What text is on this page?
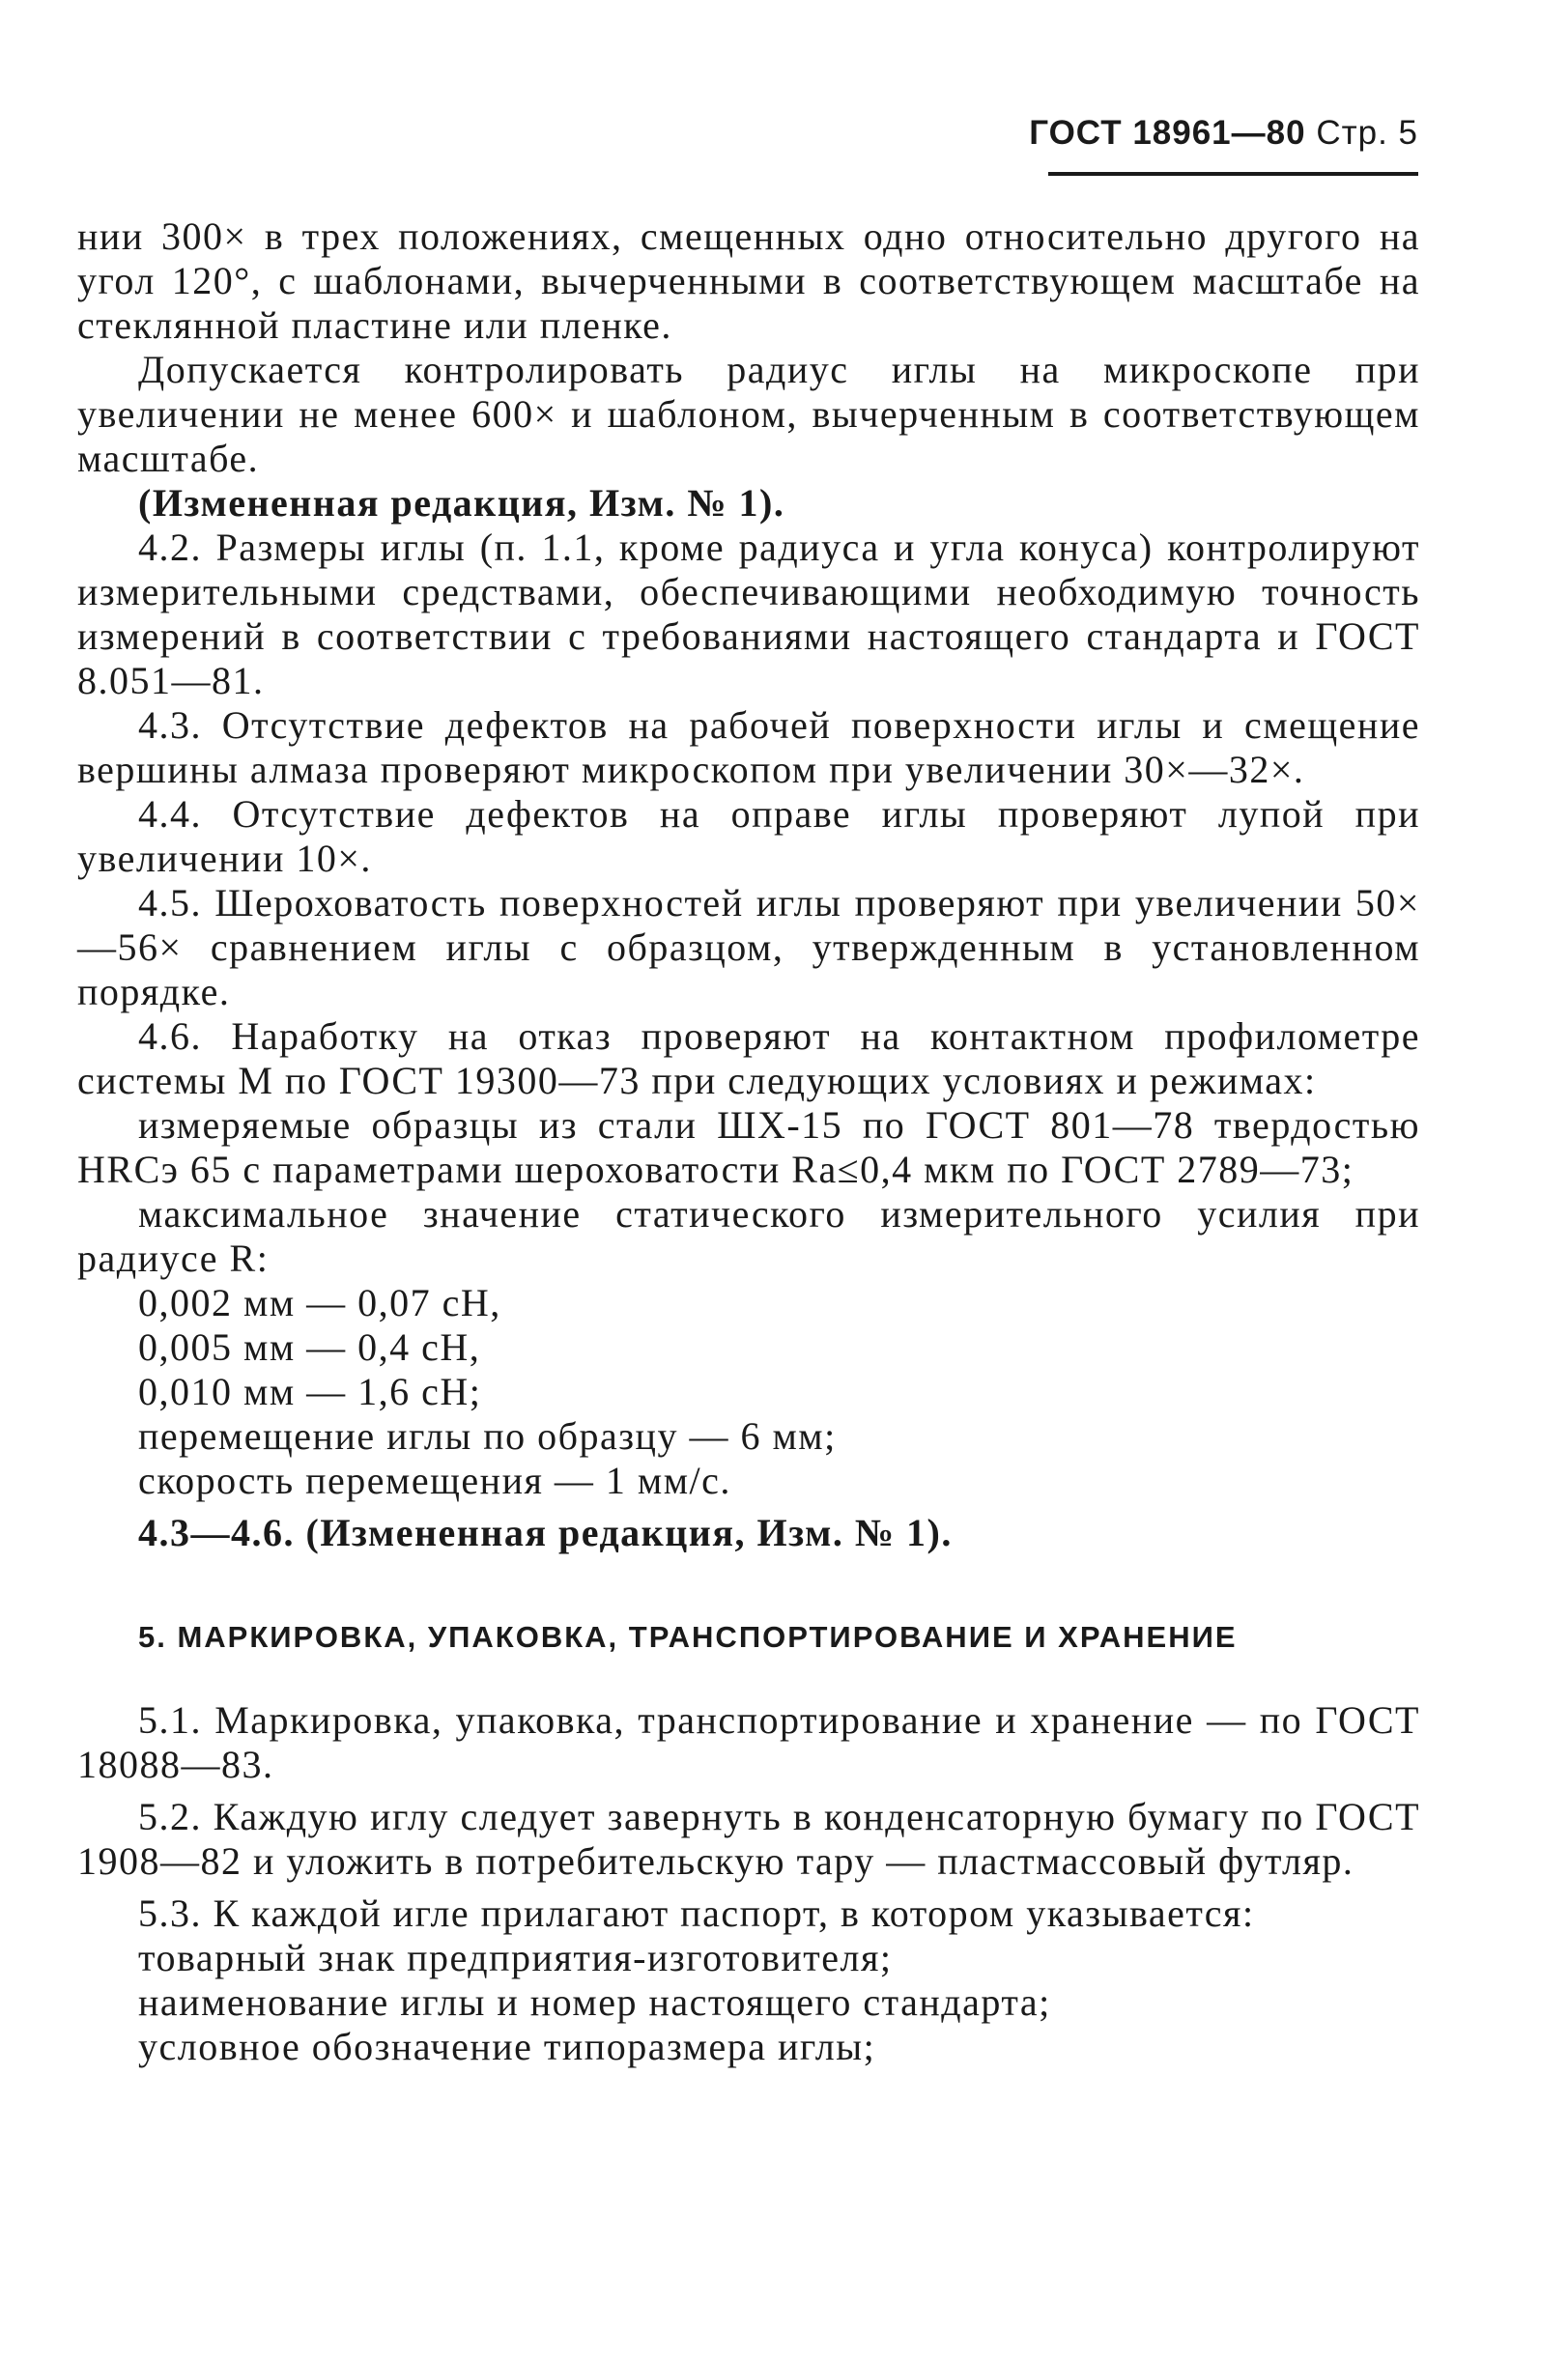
ГОСТ 18961—80 Стр. 5

нии 300× в трех положениях, смещенных одно относительно другого на угол 120°, с шаблонами, вычерченными в соответствующем масштабе на стеклянной пластине или пленке.

Допускается контролировать радиус иглы на микроскопе при увеличении не менее 600× и шаблоном, вычерченным в соответствующем масштабе.

(Измененная редакция, Изм. № 1).

4.2. Размеры иглы (п. 1.1, кроме радиуса и угла конуса) контролируют измерительными средствами, обеспечивающими необходимую точность измерений в соответствии с требованиями настоящего стандарта и ГОСТ 8.051—81.

4.3. Отсутствие дефектов на рабочей поверхности иглы и смещение вершины алмаза проверяют микроскопом при увеличении 30×—32×.

4.4. Отсутствие дефектов на оправе иглы проверяют лупой при увеличении 10×.

4.5. Шероховатость поверхностей иглы проверяют при увеличении 50×—56× сравнением иглы с образцом, утвержденным в установленном порядке.

4.6. Наработку на отказ проверяют на контактном профилометре системы М по ГОСТ 19300—73 при следующих условиях и режимах:

измеряемые образцы из стали ШХ-15 по ГОСТ 801—78 твердостью HRCэ 65 с параметрами шероховатости Ra≤0,4 мкм по ГОСТ 2789—73;

максимальное значение статического измерительного усилия при радиусе R:

0,002 мм — 0,07 сН,

0,005 мм — 0,4 сН,

0,010 мм — 1,6 сН;

перемещение иглы по образцу — 6 мм;

скорость перемещения — 1 мм/с.

4.3—4.6. (Измененная редакция, Изм. № 1).

5. МАРКИРОВКА, УПАКОВКА, ТРАНСПОРТИРОВАНИЕ И ХРАНЕНИЕ

5.1. Маркировка, упаковка, транспортирование и хранение — по ГОСТ 18088—83.

5.2. Каждую иглу следует завернуть в конденсаторную бумагу по ГОСТ 1908—82 и уложить в потребительскую тару — пластмассовый футляр.

5.3. К каждой игле прилагают паспорт, в котором указывается:

товарный знак предприятия-изготовителя;

наименование иглы и номер настоящего стандарта;

условное обозначение типоразмера иглы;
